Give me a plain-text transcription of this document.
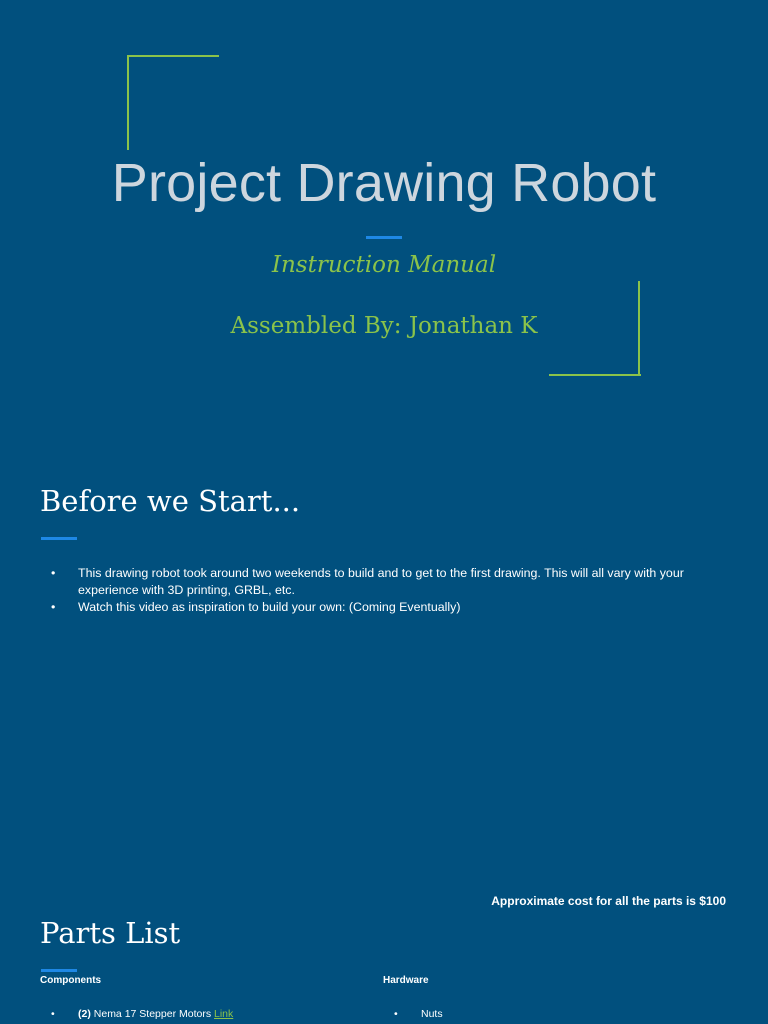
Project Drawing Robot
Instruction Manual
Assembled By: Jonathan K
Before we Start...
• This drawing robot took around two weekends to build and to get to the first drawing. This will all vary with your experience with 3D printing, GRBL, etc.
• Watch this video as inspiration to build your own: (Coming Eventually)
Approximate cost for all the parts is $100
Parts List
Components	Hardware
• (2) Nema 17 Stepper Motors Link
•	Nuts
